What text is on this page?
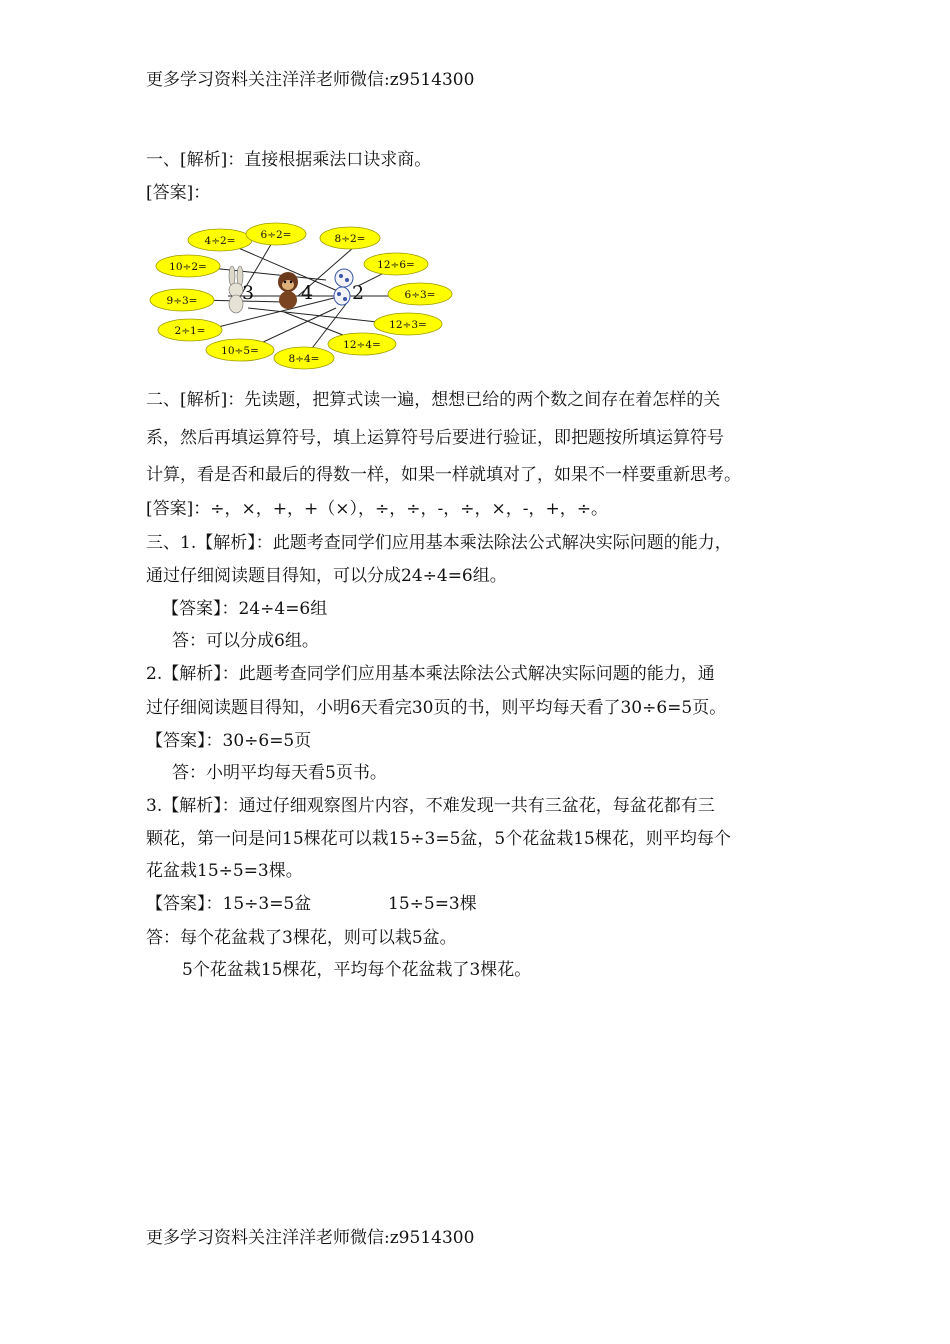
更多学习资料关注洋洋老师微信:z9514300
一、[解析]：直接根据乘法口诀求商。
[答案]：
4÷2= 6÷2=	8÷2=
10÷2=	12÷6=
9÷3=	6÷3=
2÷1=	12÷3=
10÷5=	12÷4=
8÷4=
3 4 2
二、[解析]：先读题，把算式读一遍，想想已给的两个数之间存在着怎样的关
系，然后再填运算符号，填上运算符号后要进行验证，即把题按所填运算符号
计算，看是否和最后的得数一样，如果一样就填对了，如果不一样要重新思考。
[答案]：÷，×，+，+（×），÷，÷，-，÷，×，-，+，÷。
三、1.【解析】：此题考查同学们应用基本乘法除法公式解决实际问题的能力，
通过仔细阅读题目得知，可以分成24÷4=6组。
【答案】：24÷4=6组
答：可以分成6组。
2.【解析】：此题考查同学们应用基本乘法除法公式解决实际问题的能力，通
过仔细阅读题目得知，小明6天看完30页的书，则平均每天看了30÷6=5页。
【答案】：30÷6=5页
答：小明平均每天看5页书。
3.【解析】：通过仔细观察图片内容，不难发现一共有三盆花，每盆花都有三
颗花，第一问是问15棵花可以栽15÷3=5盆，5个花盆栽15棵花，则平均每个
花盆栽15÷5=3棵。
【答案】：15÷3=5盆	15÷5=3棵
答：每个花盆栽了3棵花，则可以栽5盆。
5个花盆栽15棵花，平均每个花盆栽了3棵花。
更多学习资料关注洋洋老师微信:z9514300
